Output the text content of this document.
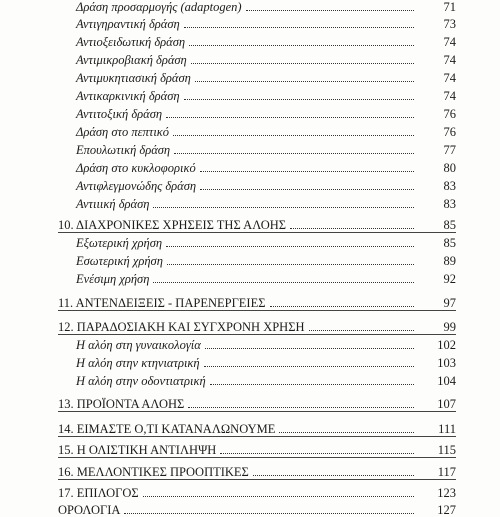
Δράση προσαρμογής (adaptogen)	71
Αντιγηραντική δράση	73
Αντιοξειδωτική δράση	74
Αντιμικροβιακή δράση	74
Αντιμυκητιασική δράση	74
Αντικαρκινική δράση	74
Αντιτοξική δράση	76
Δράση στο πεπτικό	76
Επουλωτική δράση	77
Δράση στο κυκλοφορικό	80
Αντιφλεγμονώδης δράση	83
Αντιιική δράση	83
10. ΔΙΑΧΡΟΝΙΚΕΣ ΧΡΗΣΕΙΣ ΤΗΣ ΑΛΟΗΣ	85
Εξωτερική χρήση	85
Εσωτερική χρήση	89
Ενέσιμη χρήση	92
11. ΑΝΤΕΝΔΕΙΞΕΙΣ - ΠΑΡΕΝΕΡΓΕΙΕΣ	97
12. ΠΑΡΑΔΟΣΙΑΚΗ ΚΑΙ ΣΥΓΧΡΟΝΗ ΧΡΗΣΗ	99
Η αλόη στη γυναικολογία	102
Η αλόη στην κτηνιατρική	103
Η αλόη στην οδοντιατρική	104
13. ΠΡΟΪΟΝΤΑ ΑΛΟΗΣ	107
14. ΕΙΜΑΣΤΕ Ο,ΤΙ ΚΑΤΑΝΑΛΩΝΟΥΜΕ	111
15. Η ΟΛΙΣΤΙΚΗ ΑΝΤΙΛΗΨΗ	115
16. ΜΕΛΛΟΝΤΙΚΕΣ ΠΡΟΟΠΤΙΚΕΣ	117
17. ΕΠΙΛΟΓΟΣ	123
ΟΡΟΛΟΓΙΑ	127
